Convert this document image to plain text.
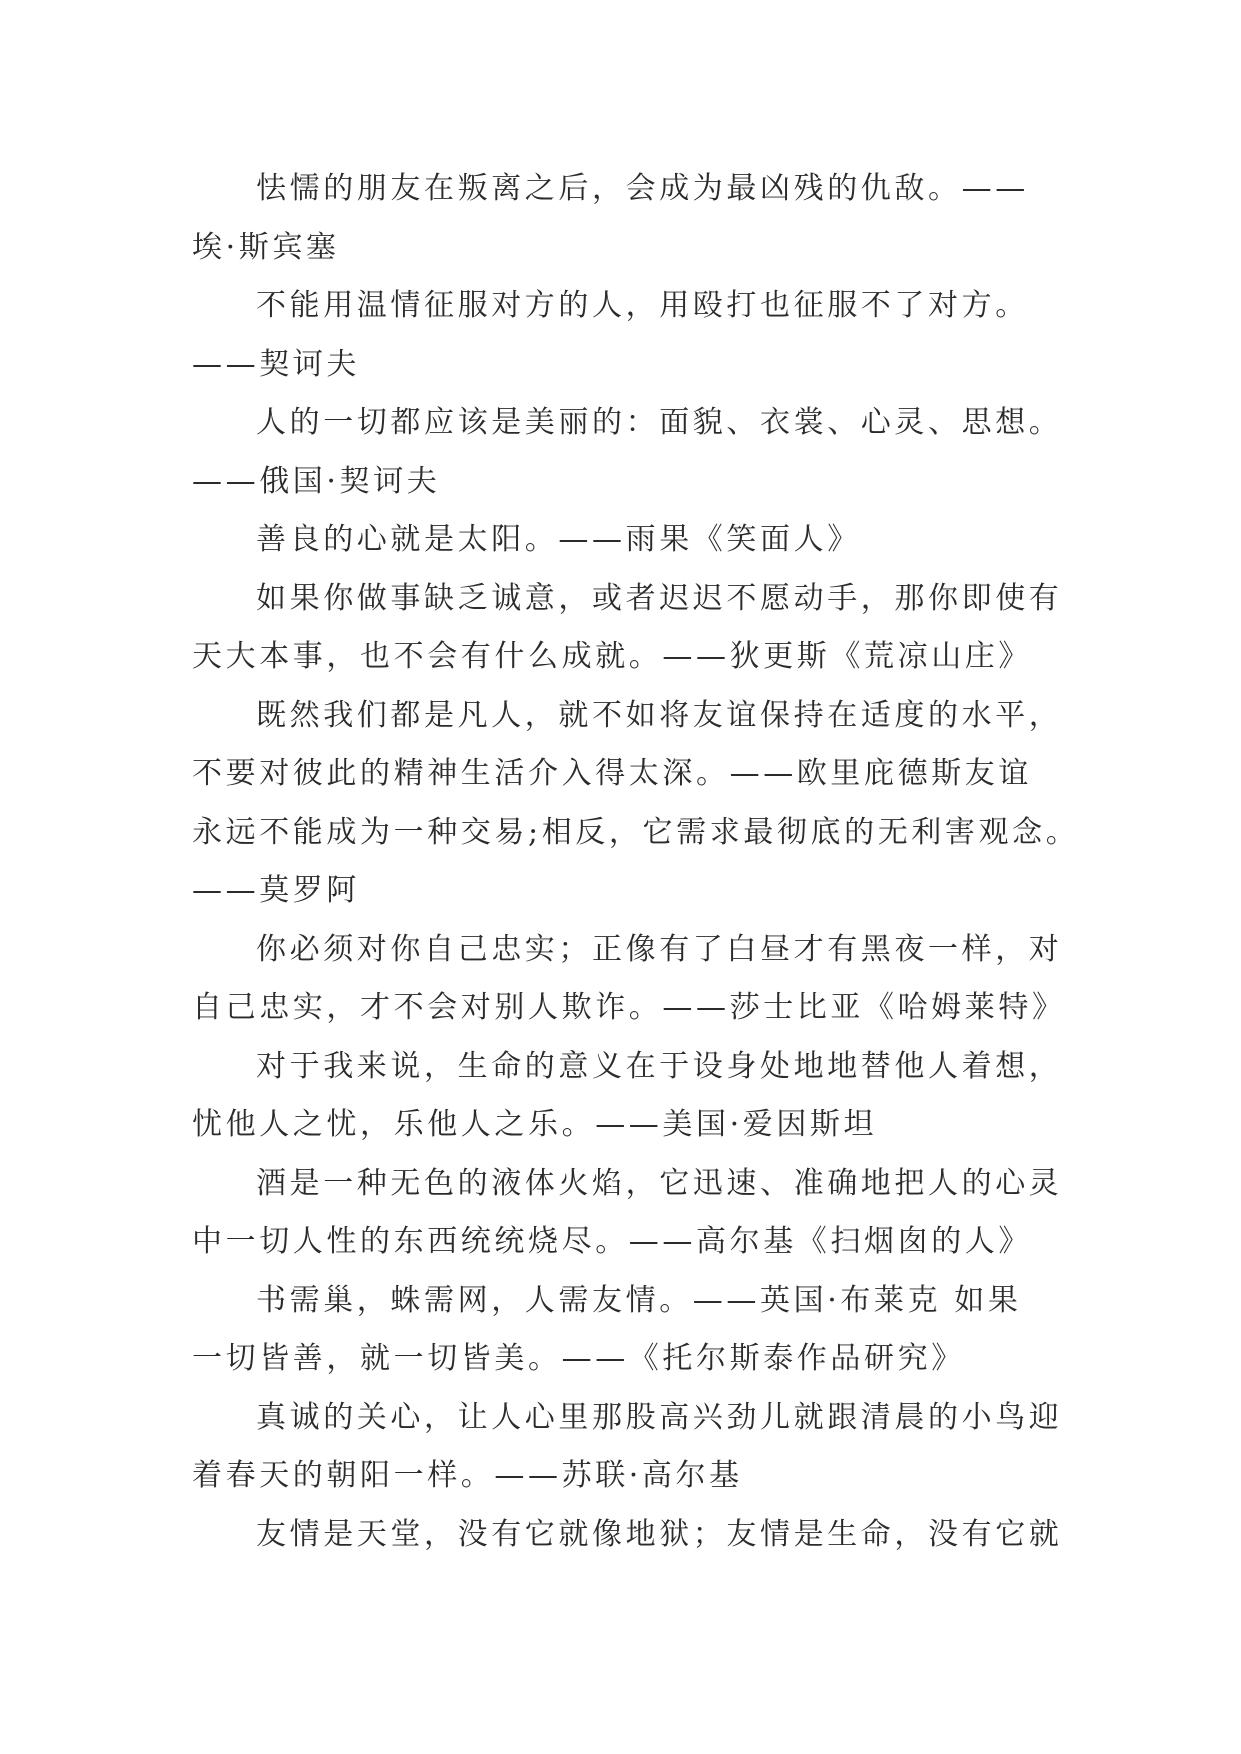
怯懦的朋友在叛离之后，会成为最凶残的仇敌。——
埃·斯宾塞
不能用温情征服对方的人，用殴打也征服不了对方。
——契诃夫
人的一切都应该是美丽的：面貌、衣裳、心灵、思想。
——俄国·契诃夫
善良的心就是太阳。——雨果《笑面人》
如果你做事缺乏诚意，或者迟迟不愿动手，那你即使有
天大本事，也不会有什么成就。——狄更斯《荒凉山庄》
既然我们都是凡人，就不如将友谊保持在适度的水平，
不要对彼此的精神生活介入得太深。——欧里庇德斯友谊
永远不能成为一种交易;相反，它需求最彻底的无利害观念。
——莫罗阿
你必须对你自己忠实；正像有了白昼才有黑夜一样，对
自己忠实，才不会对别人欺诈。——莎士比亚《哈姆莱特》
对于我来说，生命的意义在于设身处地地替他人着想，
忧他人之忧，乐他人之乐。——美国·爱因斯坦
酒是一种无色的液体火焰，它迅速、准确地把人的心灵
中一切人性的东西统统烧尽。——高尔基《扫烟囱的人》
书需巢，蛛需网，人需友情。——英国·布莱克 如果
一切皆善，就一切皆美。——《托尔斯泰作品研究》
真诚的关心，让人心里那股高兴劲儿就跟清晨的小鸟迎
着春天的朝阳一样。——苏联·高尔基
友情是天堂，没有它就像地狱；友情是生命，没有它就
